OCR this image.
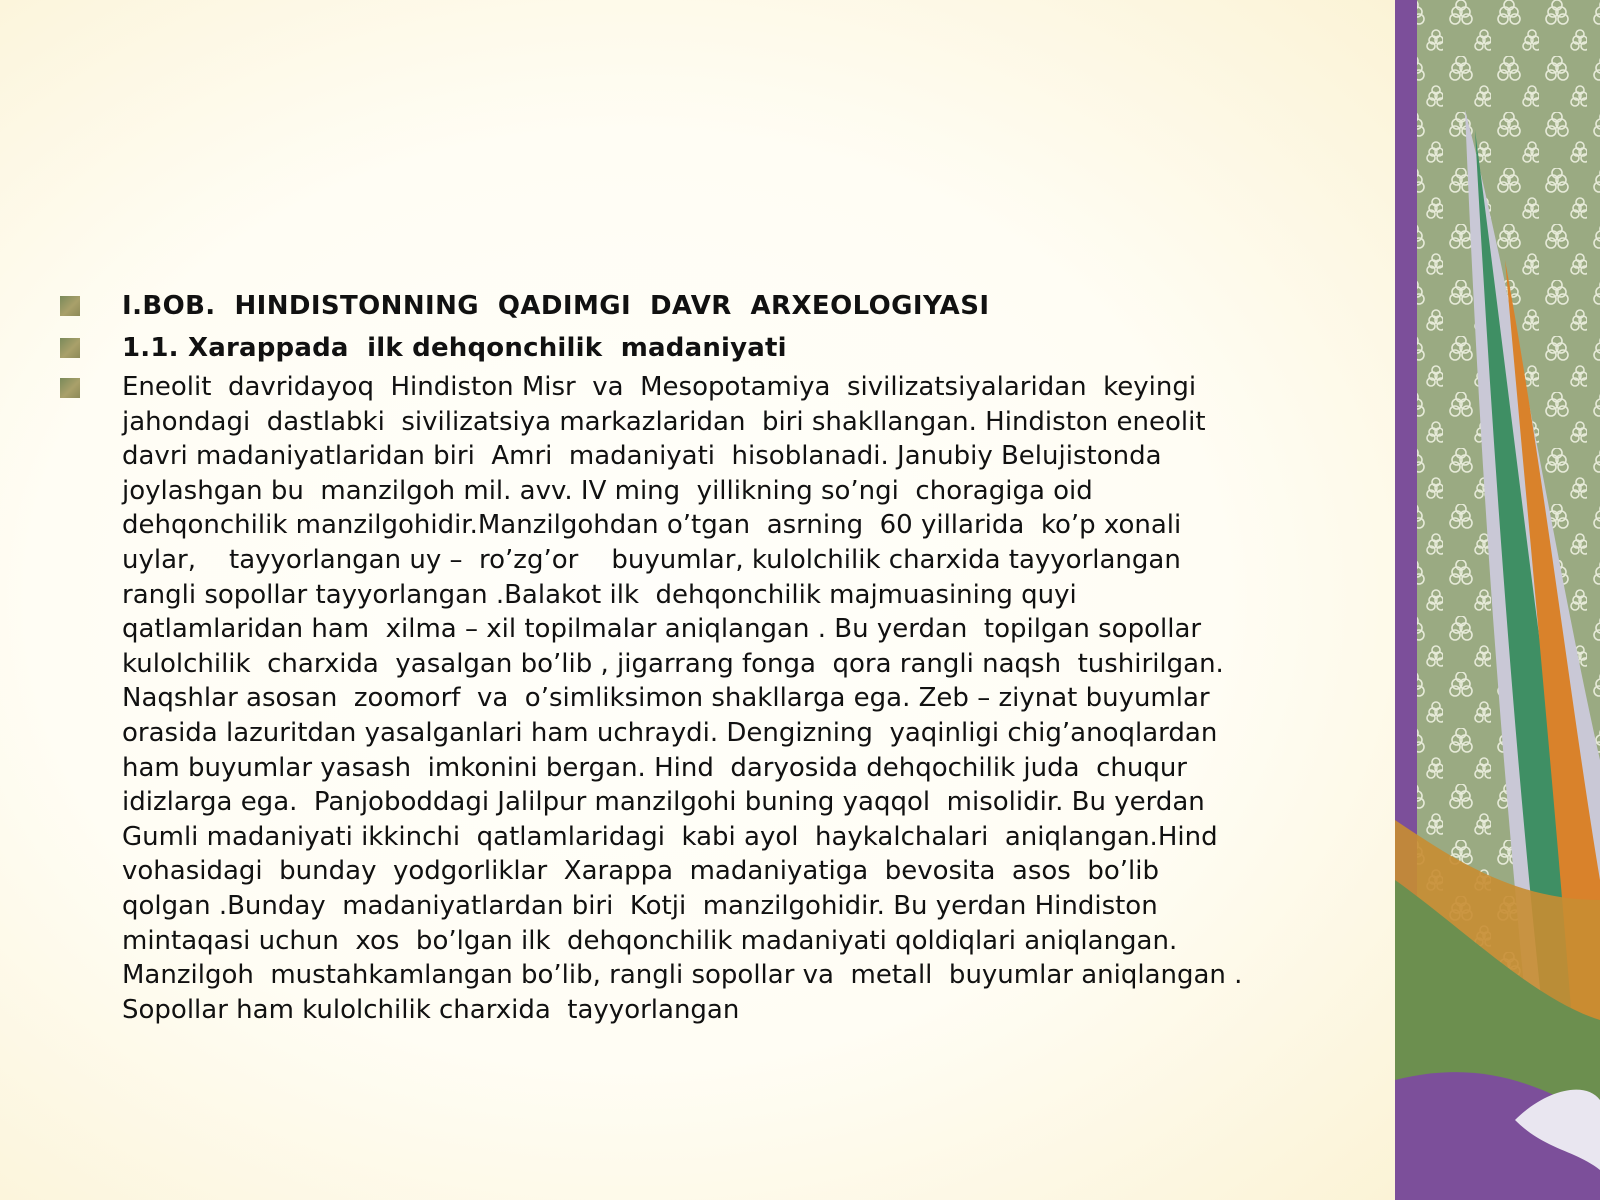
I.BOB.  HINDISTONNING  QADIMGI  DAVR  ARXEOLOGIYASI
1.1. Xarappada  ilk dehqonchilik  madaniyati
Eneolit  davridayoq  Hindiston Misr  va  Mesopotamiya  sivilizatsiyalaridan  keyingi
jahondagi  dastlabki  sivilizatsiya markazlaridan  biri shakllangan. Hindiston eneolit
davri madaniyatlaridan biri  Amri  madaniyati  hisoblanadi. Janubiy Belujistonda
joylashgan bu  manzilgoh mil. avv. IV ming  yillikning so’ngi  choragiga oid
dehqonchilik manzilgohidir.Manzilgohdan o’tgan  asrning  60 yillarida  ko’p xonali
uylar,    tayyorlangan uy –  ro’zg’or    buyumlar, kulolchilik charxida tayyorlangan
rangli sopollar tayyorlangan .Balakot ilk  dehqonchilik majmuasining quyi
qatlamlaridan ham  xilma – xil topilmalar aniqlangan . Bu yerdan  topilgan sopollar
kulolchilik  charxida  yasalgan bo’lib , jigarrang fonga  qora rangli naqsh  tushirilgan.
Naqshlar asosan  zoomorf  va  o’simliksimon shakllarga ega. Zeb – ziynat buyumlar
orasida lazuritdan yasalganlari ham uchraydi. Dengizning  yaqinligi chig’anoqlardan
ham buyumlar yasash  imkonini bergan. Hind  daryosida dehqochilik juda  chuqur
idizlarga ega.  Panjoboddagi Jalilpur manzilgohi buning yaqqol  misolidir. Bu yerdan
Gumli madaniyati ikkinchi  qatlamlaridagi  kabi ayol  haykalchalari  aniqlangan.Hind
vohasidagi  bunday  yodgorliklar  Xarappa  madaniyatiga  bevosita  asos  bo’lib
qolgan .Bunday  madaniyatlardan biri  Kotji  manzilgohidir. Bu yerdan Hindiston
mintaqasi uchun  xos  bo’lgan ilk  dehqonchilik madaniyati qoldiqlari aniqlangan.
Manzilgoh  mustahkamlangan bo’lib, rangli sopollar va  metall  buyumlar aniqlangan .
Sopollar ham kulolchilik charxida  tayyorlangan
